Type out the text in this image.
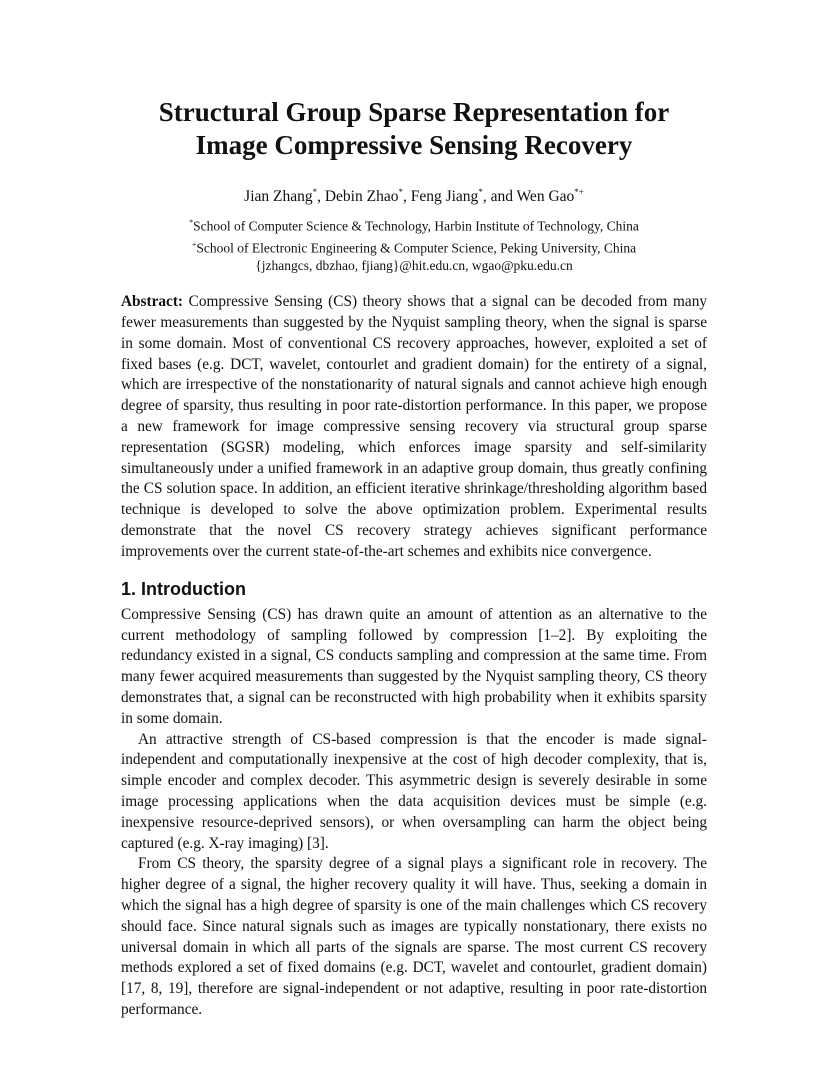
Structural Group Sparse Representation for
Image Compressive Sensing Recovery
Jian Zhang*, Debin Zhao*, Feng Jiang*, and Wen Gao*+
*School of Computer Science & Technology, Harbin Institute of Technology, China
+School of Electronic Engineering & Computer Science, Peking University, China
{jzhangcs, dbzhao, fjiang}@hit.edu.cn, wgao@pku.edu.cn

Abstract: Compressive Sensing (CS) theory shows that a signal can be decoded from many fewer measurements than suggested by the Nyquist sampling theory, when the signal is sparse in some domain. Most of conventional CS recovery approaches, however, exploited a set of fixed bases (e.g. DCT, wavelet, contourlet and gradient domain) for the entirety of a signal, which are irrespective of the nonstationarity of natural signals and cannot achieve high enough degree of sparsity, thus resulting in poor rate-distortion performance. In this paper, we propose a new framework for image compressive sensing recovery via structural group sparse representation (SGSR) modeling, which enforces image sparsity and self-similarity simultaneously under a unified framework in an adaptive group domain, thus greatly confining the CS solution space. In addition, an efficient iterative shrinkage/thresholding algorithm based technique is developed to solve the above optimization problem. Experimental results demonstrate that the novel CS recovery strategy achieves significant performance improvements over the current state-of-the-art schemes and exhibits nice convergence.

1. Introduction

Compressive Sensing (CS) has drawn quite an amount of attention as an alternative to the current methodology of sampling followed by compression [1–2]. By exploiting the redundancy existed in a signal, CS conducts sampling and compression at the same time. From many fewer acquired measurements than suggested by the Nyquist sampling theory, CS theory demonstrates that, a signal can be reconstructed with high probability when it exhibits sparsity in some domain.

An attractive strength of CS-based compression is that the encoder is made signal-independent and computationally inexpensive at the cost of high decoder complexity, that is, simple encoder and complex decoder. This asymmetric design is severely desirable in some image processing applications when the data acquisition devices must be simple (e.g. inexpensive resource-deprived sensors), or when oversampling can harm the object being captured (e.g. X-ray imaging) [3].

From CS theory, the sparsity degree of a signal plays a significant role in recovery. The higher degree of a signal, the higher recovery quality it will have. Thus, seeking a domain in which the signal has a high degree of sparsity is one of the main challenges which CS recovery should face. Since natural signals such as images are typically nonstationary, there exists no universal domain in which all parts of the signals are sparse. The most current CS recovery methods explored a set of fixed domains (e.g. DCT, wavelet and contourlet, gradient domain) [17, 8, 19], therefore are signal-independent or not adaptive, resulting in poor rate-distortion performance.
